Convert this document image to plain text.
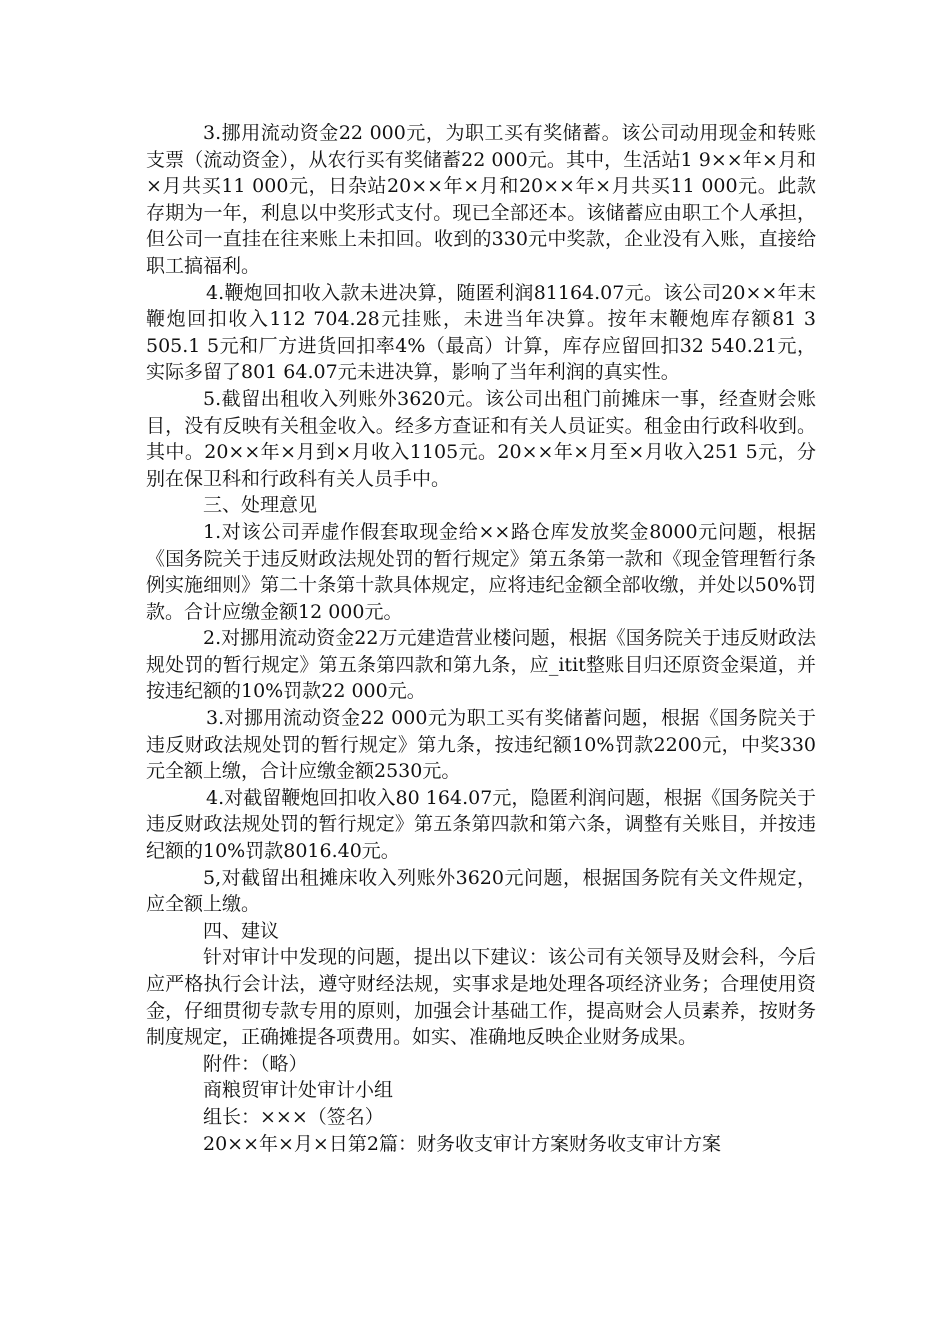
3.挪用流动资金22 000元，为职工买有奖储蓄。该公司动用现金和转账支票（流动资金），从农行买有奖储蓄22 000元。其中，生活站1 9××年×月和×月共买11 000元，日杂站20××年×月和20××年×月共买11 000元。此款存期为一年，利息以中奖形式支付。现已全部还本。该储蓄应由职工个人承担，但公司一直挂在往来账上未扣回。收到的330元中奖款，企业没有入账，直接给职工搞福利。

4.鞭炮回扣收入款未进决算，随匿利润81164.07元。该公司20××年末鞭炮回扣收入112 704.28元挂账，未进当年决算。按年末鞭炮库存额81 3 505.1 5元和厂方进货回扣率4%（最高）计算，库存应留回扣32 540.21元，实际多留了801 64.07元未进决算，影响了当年利润的真实性。

5.截留出租收入列账外3620元。该公司出租门前摊床一事，经查财会账目，没有反映有关租金收入。经多方查证和有关人员证实。租金由行政科收到。其中。20××年×月到×月收入1105元。20××年×月至×月收入251 5元，分别在保卫科和行政科有关人员手中。

三、处理意见

1.对该公司弄虚作假套取现金给××路仓库发放奖金8000元问题，根据《国务院关于违反财政法规处罚的暂行规定》第五条第一款和《现金管理暂行条例实施细则》第二十条第十款具体规定，应将违纪金额全部收缴，并处以50%罚款。合计应缴金额12 000元。

2.对挪用流动资金22万元建造营业楼问题，根据《国务院关于违反财政法规处罚的暂行规定》第五条第四款和第九条，应_itit整账目归还原资金渠道，并按违纪额的10%罚款22 000元。

3.对挪用流动资金22 000元为职工买有奖储蓄问题，根据《国务院关于违反财政法规处罚的暂行规定》第九条，按违纪额10%罚款2200元，中奖330元全额上缴，合计应缴金额2530元。

4.对截留鞭炮回扣收入80 164.07元，隐匿利润问题，根据《国务院关于违反财政法规处罚的暂行规定》第五条第四款和第六条，调整有关账目，并按违纪额的10%罚款8016.40元。

5,对截留出租摊床收入列账外3620元问题，根据国务院有关文件规定，应全额上缴。

四、建议

针对审计中发现的问题，提出以下建议：该公司有关领导及财会科，今后应严格执行会计法，遵守财经法规，实事求是地处理各项经济业务；合理使用资金，仔细贯彻专款专用的原则，加强会计基础工作，提高财会人员素养，按财务制度规定，正确摊提各项费用。如实、准确地反映企业财务成果。

附件：（略）

商粮贸审计处审计小组

组长：×××（签名）

20××年×月×日第2篇：财务收支审计方案财务收支审计方案
